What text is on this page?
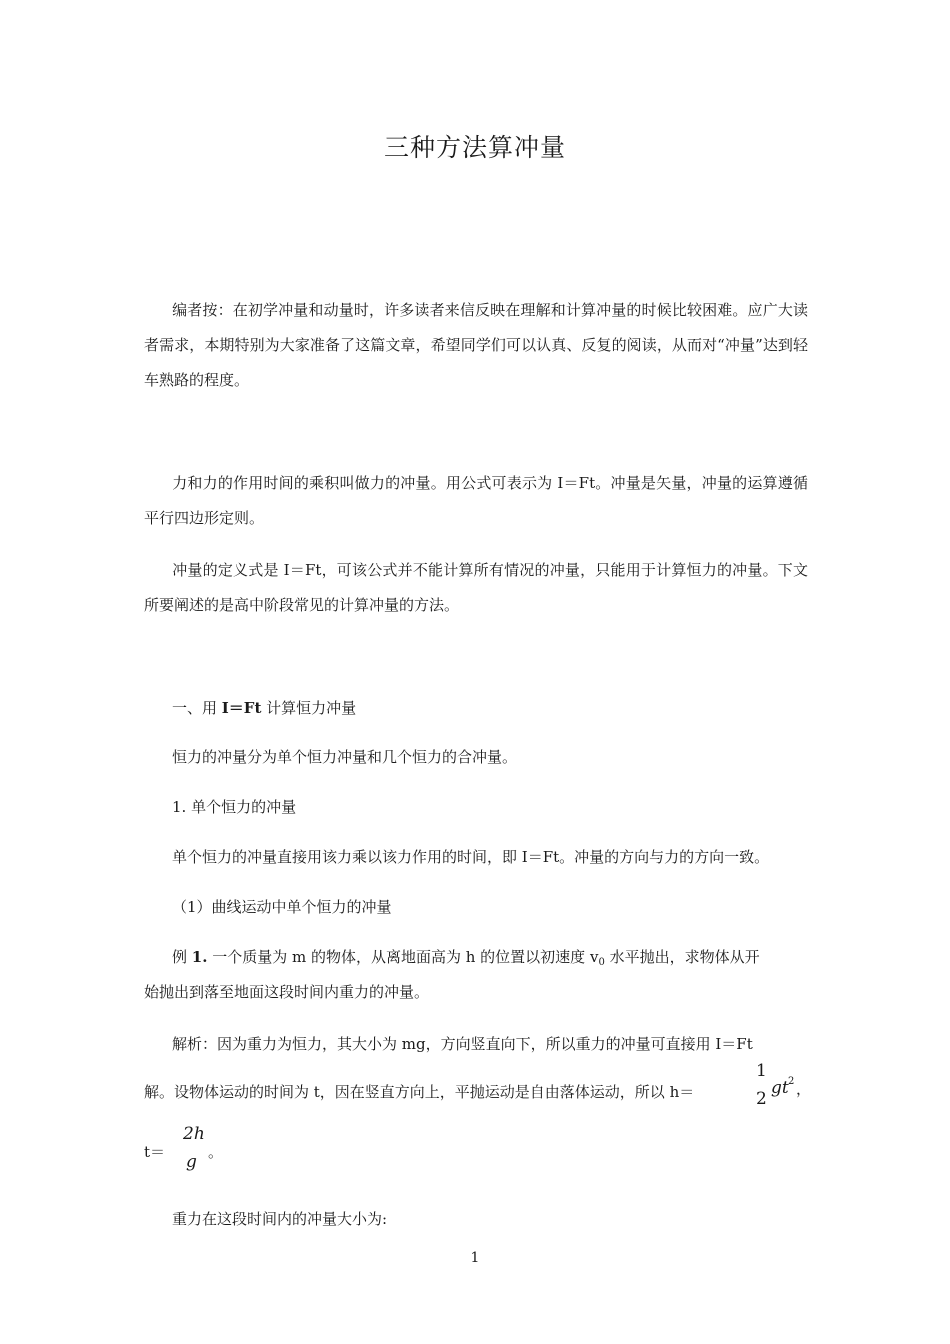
三种方法算冲量
编者按：在初学冲量和动量时，许多读者来信反映在理解和计算冲量的时候比较困难。应广大读者需求，本期特别为大家准备了这篇文章，希望同学们可以认真、反复的阅读，从而对“冲量”达到轻车熟路的程度。
力和力的作用时间的乘积叫做力的冲量。用公式可表示为 I＝Ft。冲量是矢量，冲量的运算遵循平行四边形定则。
冲量的定义式是 I＝Ft，可该公式并不能计算所有情况的冲量，只能用于计算恒力的冲量。下文所要阐述的是高中阶段常见的计算冲量的方法。
一、用 I＝Ft 计算恒力冲量
恒力的冲量分为单个恒力冲量和几个恒力的合冲量。
1. 单个恒力的冲量
单个恒力的冲量直接用该力乘以该力作用的时间，即 I＝Ft。冲量的方向与力的方向一致。
（1）曲线运动中单个恒力的冲量
例 1. 一个质量为 m 的物体，从离地面高为 h 的位置以初速度 $v_0$ 水平抛出，求物体从开
始抛出到落至地面这段时间内重力的冲量。
解析：因为重力为恒力，其大小为 mg，方向竖直向下，所以重力的冲量可直接用 I＝Ft
解。设物体运动的时间为 t，因在竖直方向上，平抛运动是自由落体运动，所以 h＝
1
2
gt 2 ，
t＝
2h
g 。
重力在这段时间内的冲量大小为:
1
